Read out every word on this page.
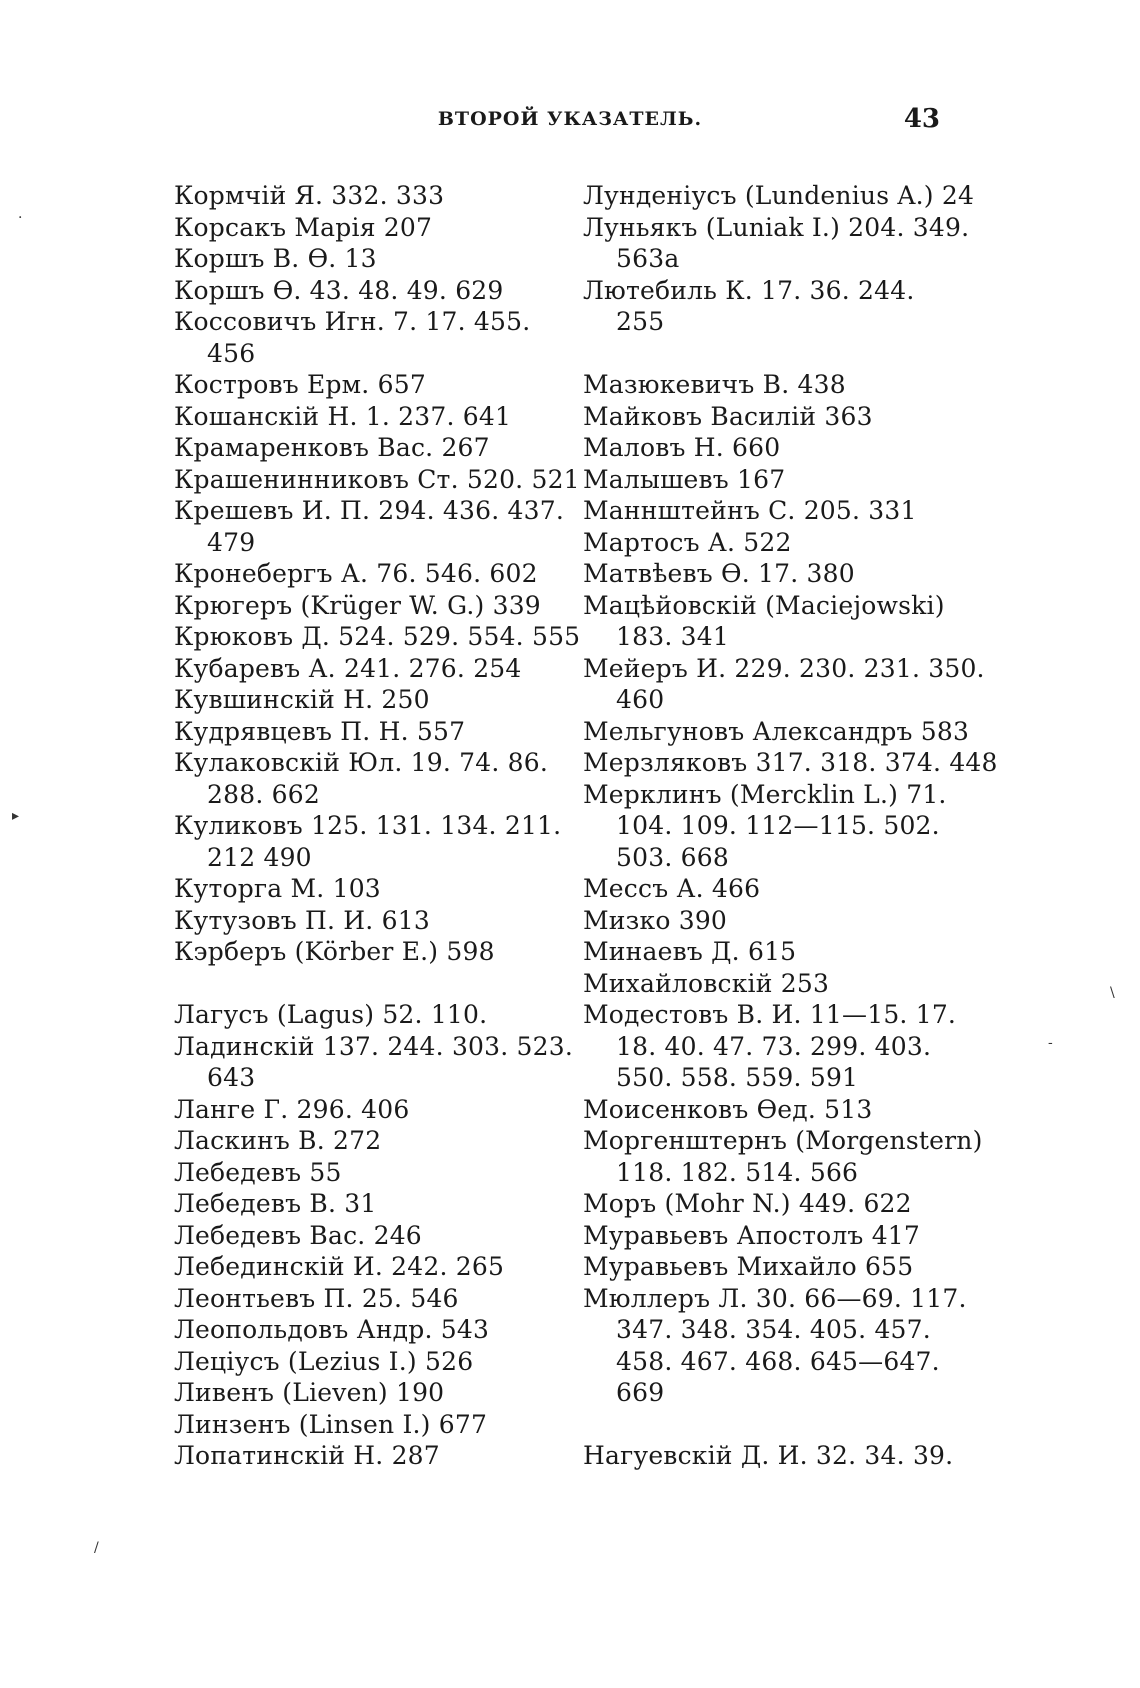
ВТОРОЙ УКАЗАТЕЛЬ.	43
Кормчій Я. 332. 333
Корсакъ Марія 207
Коршъ В. Ѳ. 13
Коршъ Ѳ. 43. 48. 49. 629
Коссовичъ Игн. 7. 17. 455.
456
Костровъ Ерм. 657
Кошанскій Н. 1. 237. 641
Крамаренковъ Вас. 267
Крашенинниковъ Ст. 520. 521
Крешевъ И. П. 294. 436. 437.
479
Кронебергъ А. 76. 546. 602
Крюгеръ (Krüger W. G.) 339
Крюковъ Д. 524. 529. 554. 555
Кубаревъ А. 241. 276. 254
Кувшинскій Н. 250
Кудрявцевъ П. Н. 557
Кулаковскій Юл. 19. 74. 86.
288. 662
Куликовъ 125. 131. 134. 211.
212 490
Куторга М. 103
Кутузовъ П. И. 613
Кэрберъ (Körber E.) 598
Лагусъ (Lagus) 52. 110.
Ладинскій 137. 244. 303. 523.
643
Ланге Г. 296. 406
Ласкинъ В. 272
Лебедевъ 55
Лебедевъ В. 31
Лебедевъ Вас. 246
Лебединскій И. 242. 265
Леонтьевъ П. 25. 546
Леопольдовъ Андр. 543
Леціусъ (Lezius I.) 526
Ливенъ (Lieven) 190
Линзенъ (Linsen I.) 677
Лопатинскій Н. 287
Лунденіусъ (Lundenius A.) 24
Луньякъ (Luniak I.) 204. 349.
563а
Лютебиль К. 17. 36. 244.
255
Мазюкевичъ В. 438
Майковъ Василій 363
Маловъ Н. 660
Малышевъ 167
Маннштейнъ С. 205. 331
Мартосъ А. 522
Матвѣевъ Ѳ. 17. 380
Мацѣйовскій (Maciejowski)
183. 341
Мейеръ И. 229. 230. 231. 350.
460
Мельгуновъ Александръ 583
Мерзляковъ 317. 318. 374. 448
Мерклинъ (Mercklin L.) 71.
104. 109. 112—115. 502.
503. 668
Мессъ А. 466
Мизко 390
Минаевъ Д. 615
Михайловскій 253
Модестовъ В. И. 11—15. 17.
18. 40. 47. 73. 299. 403.
550. 558. 559. 591
Моисенковъ Ѳед. 513
Моргенштернъ (Morgenstern)
118. 182. 514. 566
Моръ (Mohr N.) 449. 622
Муравьевъ Апостолъ 417
Муравьевъ Михайло 655
Мюллеръ Л. 30. 66—69. 117.
347. 348. 354. 405. 457.
458. 467. 468. 645—647.
669
Нагуевскій Д. И. 32. 34. 39.
·
▸
\
-
/
